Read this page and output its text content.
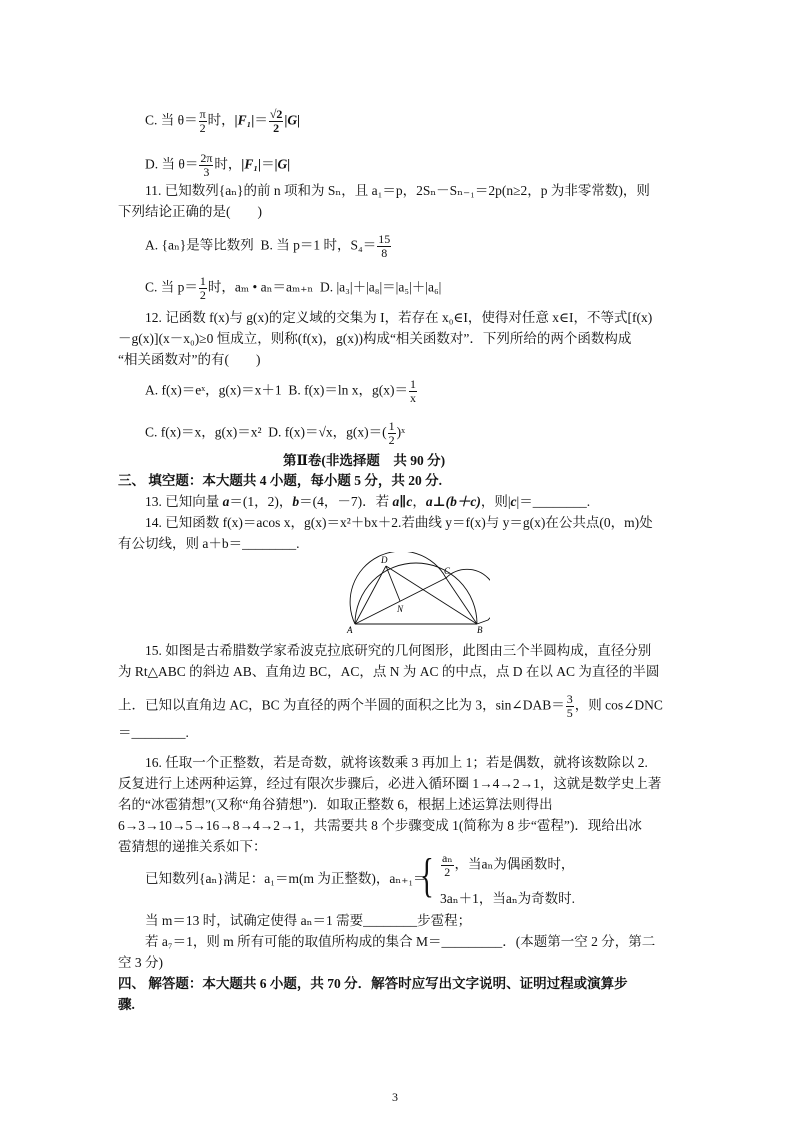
C. 当 $\theta= \frac{\pi}{2}$ 时，$|F_1|= \frac{√2}{2} |G|$
D. 当 $\theta= \frac{2\pi}{3}$ 时，|F₁|＝|G|
11. 已知数列{aₙ}的前 n 项和为 Sₙ，且 a₁＝p，2Sₙ－Sₙ₋₁＝2p(n≥2，p 为非零常数)，则
下列结论正确的是(　　)
A. {aₙ}是等比数列 B. 当 p＝1 时，$S_4= \frac{15}{8}$
C. 当 $p= \frac{1}{2}$ 时，aₘ • aₙ＝aₘ₊ₙ D. |a₃|＋|a₈|＝|a₅|＋|a₆|
12. 记函数 f(x)与 g(x)的定义域的交集为 I，若存在 x₀∈I，使得对任意 x∈I，不等式[f(x)
－g(x)](x－x₀)≥0 恒成立，则称(f(x)，g(x))构成“相关函数对”．下列所给的两个函数构成
“相关函数对”的有(　　)
A. f(x)＝eˣ，g(x)＝x＋1 B. f(x)＝ln x，$g(x)= \frac{1}{x}$
C. f(x)＝x，g(x)＝x² D. f(x)＝√x，$g(x)=( \frac{1}{2}$ )ˣ
第Ⅱ卷(非选择题　共 90 分)
三、 填空题：本大题共 4 小题，每小题 5 分，共 20 分.
13. 已知向量 a＝(1，2)，b＝(4，－7)．若 a∥c，a⊥(b＋c)，则|c|＝________.
14. 已知函数 f(x)＝acos x，g(x)＝x²＋bx＋2.若曲线 y＝f(x)与 y＝g(x)在公共点(0，m)处
有公切线，则 a＋b＝________.
D
C
N
A	B
15. 如图是古希腊数学家希波克拉底研究的几何图形，此图由三个半圆构成，直径分别
为 Rt△ABC 的斜边 AB、直角边 BC，AC，点 N 为 AC 的中点，点 D 在以 AC 为直径的半圆
上．已知以直角边 AC，BC 为直径的两个半圆的面积之比为 3，sin∠DAB＝ $\frac{3}{5}$ ，则 cos∠DNC
＝________.
16. 任取一个正整数，若是奇数，就将该数乘 3 再加上 1；若是偶数，就将该数除以 2.
反复进行上述两种运算，经过有限次步骤后，必进入循环圈 1→4→2→1，这就是数学史上著
名的“冰雹猜想”(又称“角谷猜想”)．如取正整数 6，根据上述运算法则得出
6→3→10→5→16→8→4→2→1，共需要共 8 个步骤变成 1(简称为 8 步“雹程”)．现给出冰
雹猜想的递推关系如下：
已知数列{aₙ}满足：a₁＝m(m 为正整数)，aₙ₊₁＝
{ $\frac{\text{aₙ}}{2}$ ，当aₙ为偶函数时，
3aₙ＋1，当aₙ为奇数时.
当 m＝13 时，试确定使得 aₙ＝1 需要________步雹程；
若 a₇＝1，则 m 所有可能的取值所构成的集合 M＝_________．(本题第一空 2 分，第二
空 3 分)
四、 解答题：本大题共 6 小题，共 70 分．解答时应写出文字说明、证明过程或演算步
骤.
3
